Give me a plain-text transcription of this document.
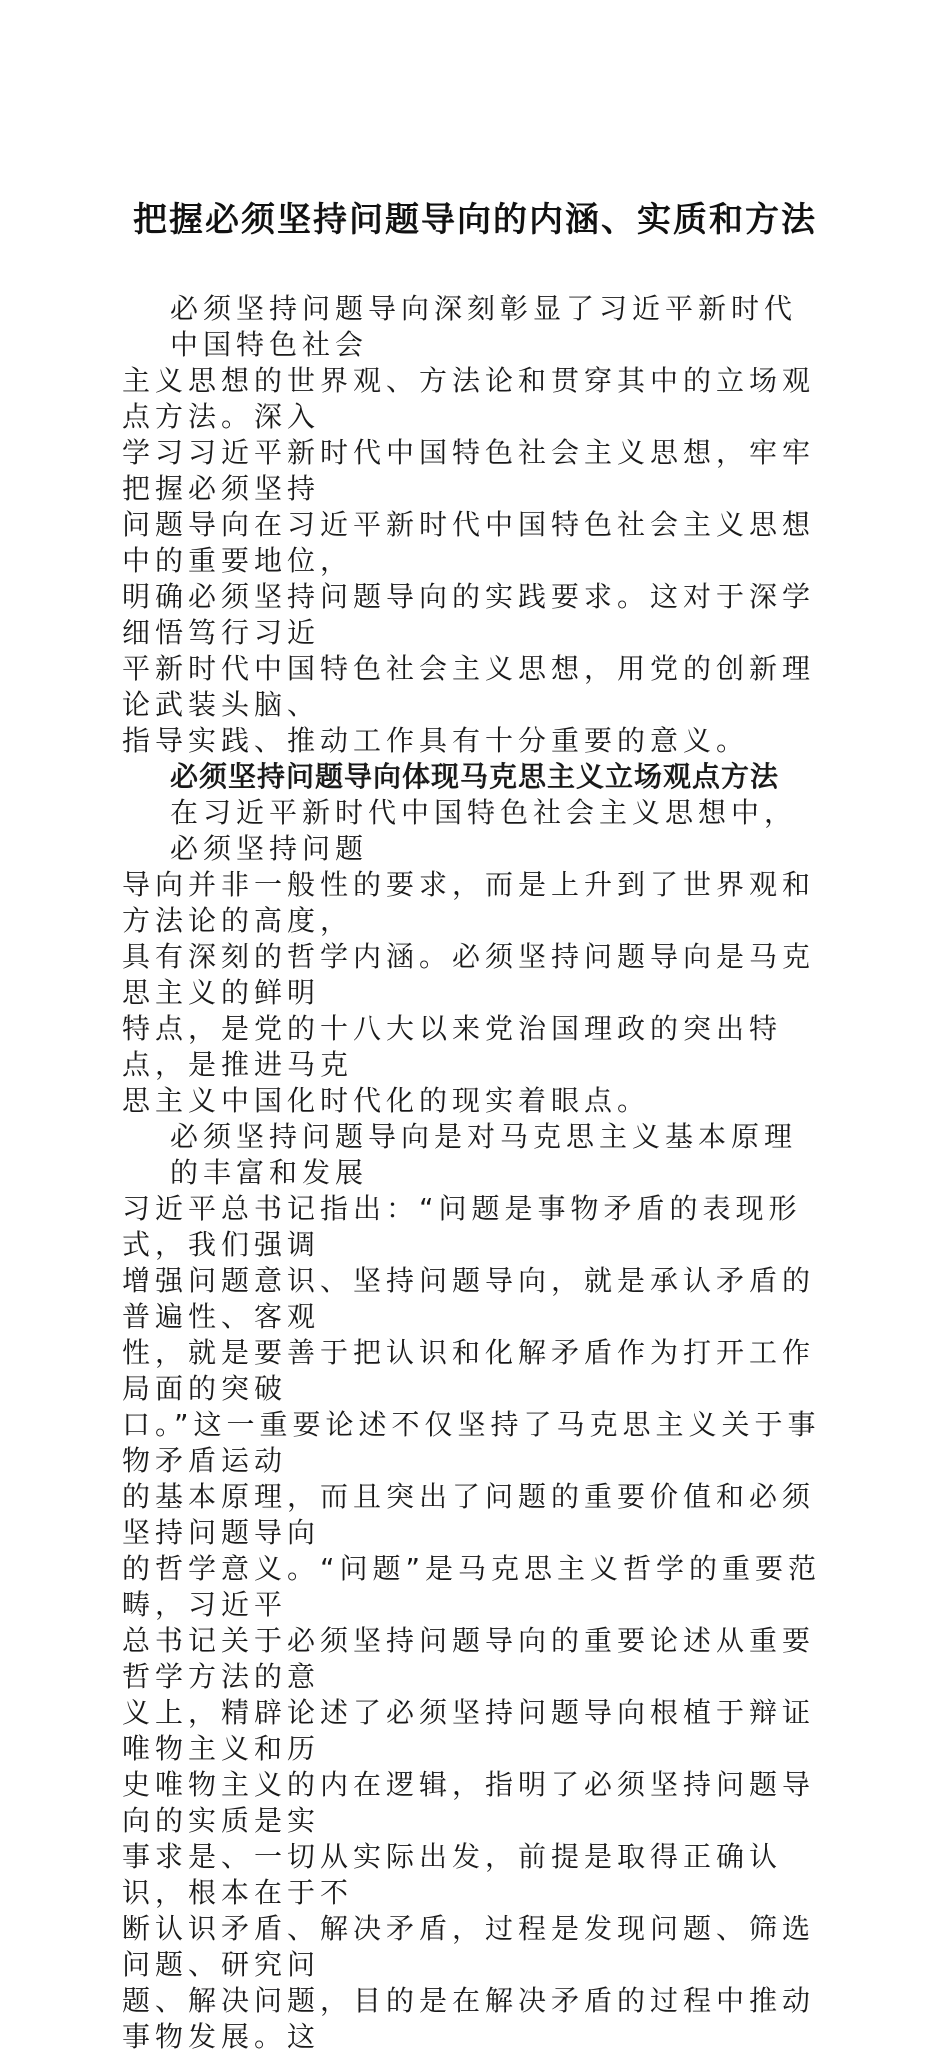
把握必须坚持问题导向的内涵、实质和方法
必须坚持问题导向深刻彰显了习近平新时代中国特色社会
主义思想的世界观、方法论和贯穿其中的立场观点方法。深入
学习习近平新时代中国特色社会主义思想，牢牢把握必须坚持
问题导向在习近平新时代中国特色社会主义思想中的重要地位，
明确必须坚持问题导向的实践要求。这对于深学细悟笃行习近
平新时代中国特色社会主义思想，用党的创新理论武装头脑、
指导实践、推动工作具有十分重要的意义。
必须坚持问题导向体现马克思主义立场观点方法
在习近平新时代中国特色社会主义思想中，必须坚持问题
导向并非一般性的要求，而是上升到了世界观和方法论的高度，
具有深刻的哲学内涵。必须坚持问题导向是马克思主义的鲜明
特点，是党的十八大以来党治国理政的突出特点，是推进马克
思主义中国化时代化的现实着眼点。
必须坚持问题导向是对马克思主义基本原理的丰富和发展
习近平总书记指出：“问题是事物矛盾的表现形式，我们强调
增强问题意识、坚持问题导向，就是承认矛盾的普遍性、客观
性，就是要善于把认识和化解矛盾作为打开工作局面的突破
口。”这一重要论述不仅坚持了马克思主义关于事物矛盾运动
的基本原理，而且突出了问题的重要价值和必须坚持问题导向
的哲学意义。“问题”是马克思主义哲学的重要范畴，习近平
总书记关于必须坚持问题导向的重要论述从重要哲学方法的意
义上，精辟论述了必须坚持问题导向根植于辩证唯物主义和历
史唯物主义的内在逻辑，指明了必须坚持问题导向的实质是实
事求是、一切从实际出发，前提是取得正确认识，根本在于不
断认识矛盾、解决矛盾，过程是发现问题、筛选问题、研究问
题、解决问题，目的是在解决矛盾的过程中推动事物发展。这
